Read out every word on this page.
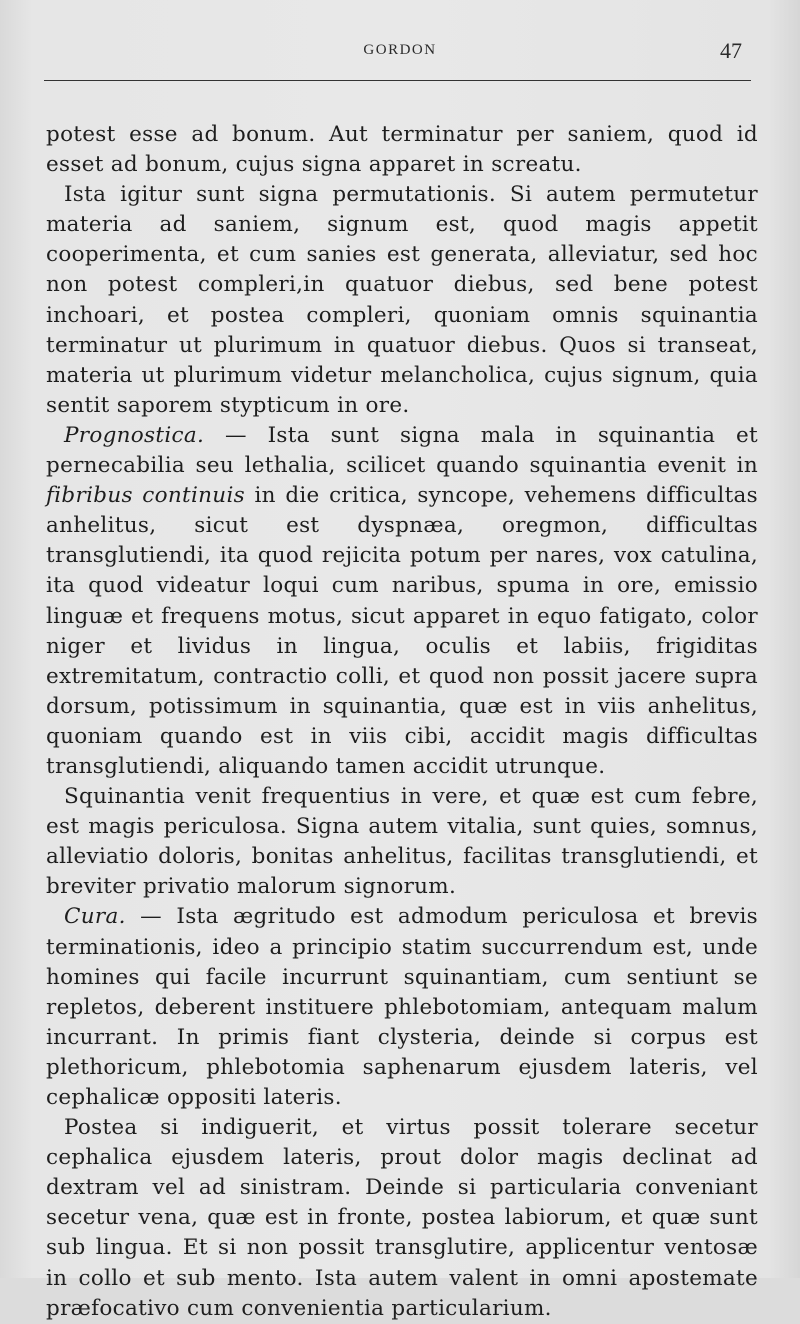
GORDON	47

potest esse ad bonum. Aut terminatur per saniem, quod id esset ad bonum, cujus signa apparet in screatu.

Ista igitur sunt signa permutationis. Si autem permutetur materia ad saniem, signum est, quod magis appetit cooperimenta, et cum sanies est generata, alleviatur, sed hoc non potest compleri,in quatuor diebus, sed bene potest inchoari, et postea compleri, quoniam omnis squinantia terminatur ut plurimum in quatuor diebus. Quos si transeat, materia ut plurimum videtur melancholica, cujus signum, quia sentit saporem stypticum in ore.

Prognostica. — Ista sunt signa mala in squinantia et pernecabilia seu lethalia, scilicet quando squinantia evenit in fibribus continuis in die critica, syncope, vehemens difficultas anhelitus, sicut est dyspnæa, oregmon, difficultas transglutiendi, ita quod rejicita potum per nares, vox catulina, ita quod videatur loqui cum naribus, spuma in ore, emissio linguæ et frequens motus, sicut apparet in equo fatigato, color niger et lividus in lingua, oculis et labiis, frigiditas extremitatum, contractio colli, et quod non possit jacere supra dorsum, potissimum in squinantia, quæ est in viis anhelitus, quoniam quando est in viis cibi, accidit magis difficultas transglutiendi, aliquando tamen accidit utrunque.

Squinantia venit frequentius in vere, et quæ est cum febre, est magis periculosa. Signa autem vitalia, sunt quies, somnus, alleviatio doloris, bonitas anhelitus, facilitas transglutiendi, et breviter privatio malorum signorum.

Cura. — Ista ægritudo est admodum periculosa et brevis terminationis, ideo a principio statim succurrendum est, unde homines qui facile incurrunt squinantiam, cum sentiunt se repletos, deberent instituere phlebotomiam, antequam malum incurrant. In primis fiant clysteria, deinde si corpus est plethoricum, phlebotomia saphenarum ejusdem lateris, vel cephalicæ oppositi lateris.

Postea si indiguerit, et virtus possit tolerare secetur cephalica ejusdem lateris, prout dolor magis declinat ad dextram vel ad sinistram. Deinde si particularia conveniant secetur vena, quæ est in fronte, postea labiorum, et quæ sunt sub lingua. Et si non possit transglutire, applicentur ventosæ in collo et sub mento. Ista autem valent in omni apostemate præfocativo cum convenientia particularium.
